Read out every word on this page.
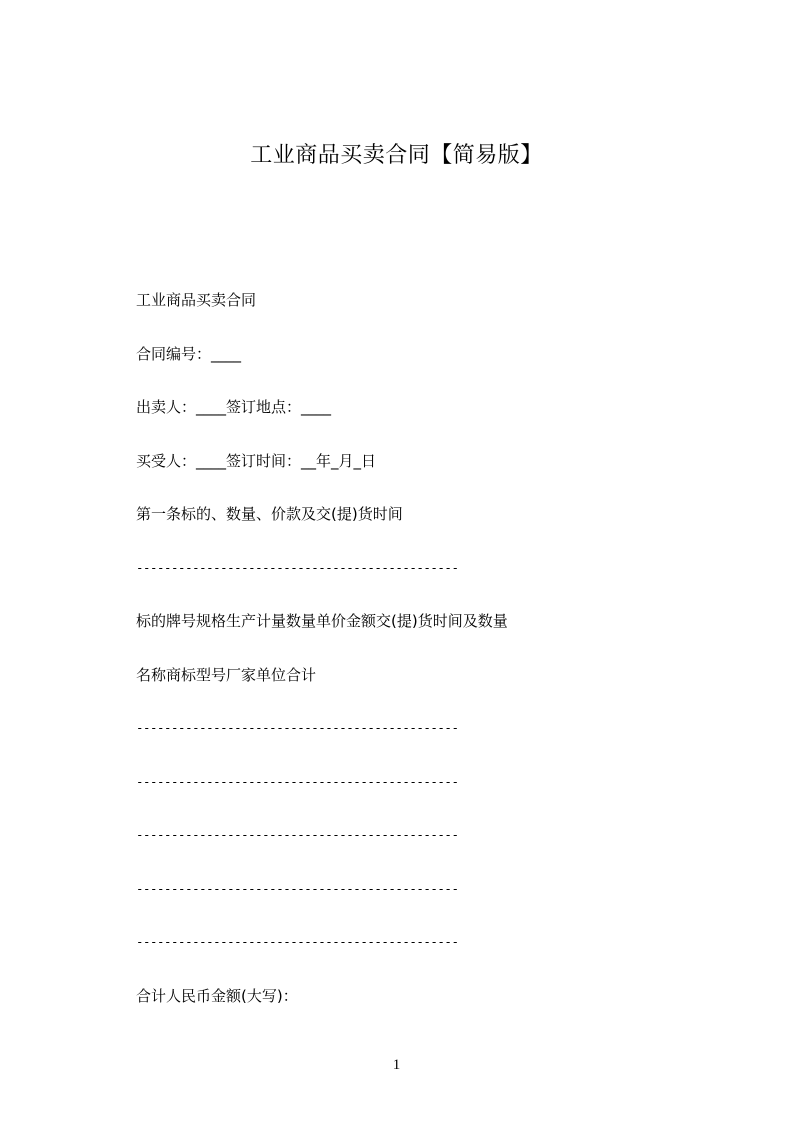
工业商品买卖合同【简易版】
工业商品买卖合同
合同编号：____
出卖人：____签订地点：____
买受人：____签订时间：__年_月_日
第一条标的、数量、价款及交(提)货时间
----------------------------------------------
标的牌号规格生产计量数量单价金额交(提)货时间及数量
名称商标型号厂家单位合计
----------------------------------------------
----------------------------------------------
----------------------------------------------
----------------------------------------------
----------------------------------------------
合计人民币金额(大写)：
1
